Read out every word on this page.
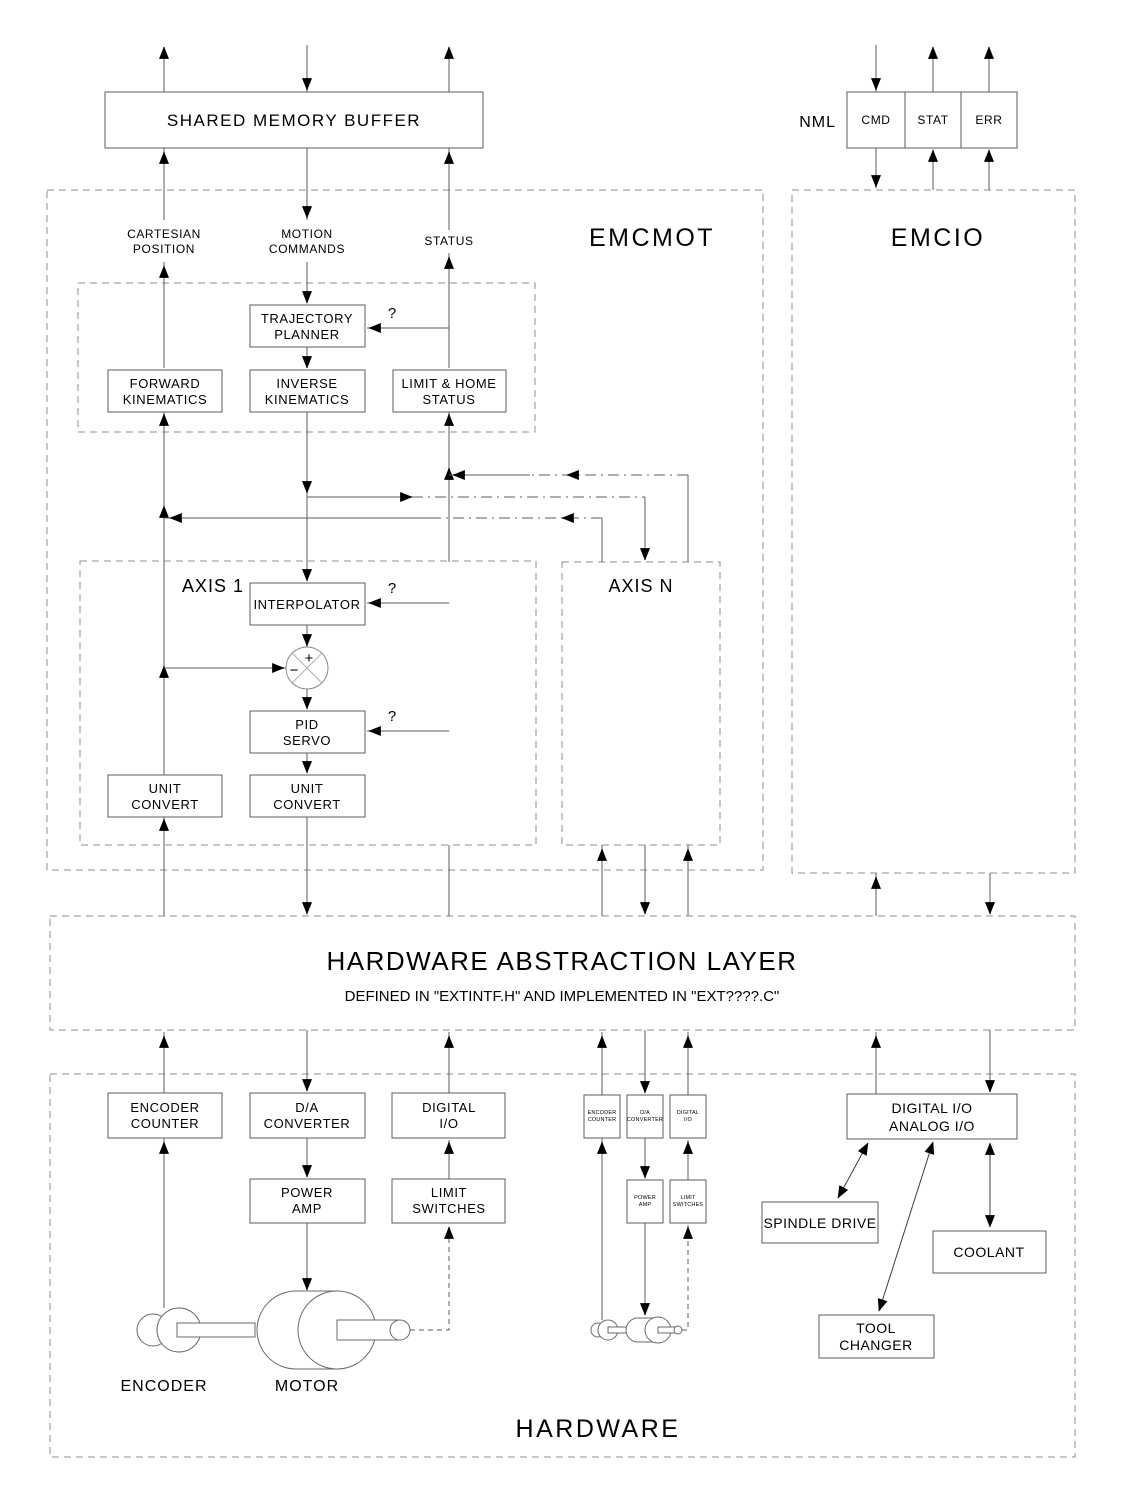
SHARED MEMORY BUFFER	NML CMD STAT ERR
EMCMOT	EMCIO
CARTESIAN
POSITION
MOTION
COMMANDS
STATUS
TRAJECTORY
PLANNER
?
FORWARD
KINEMATICS
INVERSE
KINEMATICS
LIMIT & HOME
STATUS
AXIS 1
INTERPOLATOR
?
+
−
PID
SERVO
?
UNIT
CONVERT
UNIT
CONVERT
AXIS N
HARDWARE ABSTRACTION LAYER
DEFINED IN "EXTINTF.H" AND IMPLEMENTED IN "EXT????.C"
ENCODER
COUNTER
D/A
CONVERTER
DIGITAL
I/O
POWER
AMP
LIMIT
SWITCHES
ENCODER	MOTOR
ENCODER
COUNTER
D/A
CONVERTER
DIGITAL
I/O
POWER
AMP
LIMIT
SWITCHES
DIGITAL I/O
ANALOG I/O
SPINDLE DRIVE
COOLANT
TOOL
CHANGER
HARDWARE
